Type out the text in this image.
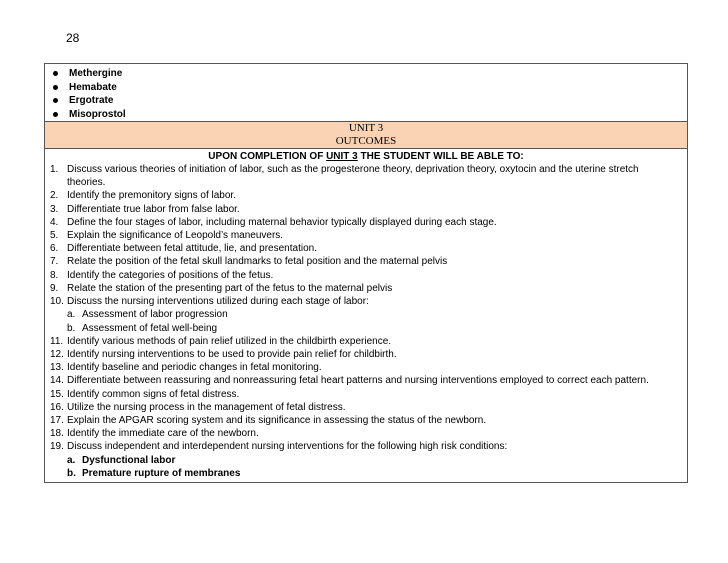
28
Methergine
Hemabate
Ergotrate
Misoprostol
UNIT 3
OUTCOMES
UPON COMPLETION OF UNIT 3 THE STUDENT WILL BE ABLE TO:
1. Discuss various theories of initiation of labor, such as the progesterone theory, deprivation theory, oxytocin and the uterine stretch theories.
2. Identify the premonitory signs of labor.
3. Differentiate true labor from false labor.
4. Define the four stages of labor, including maternal behavior typically displayed during each stage.
5. Explain the significance of Leopold’s maneuvers.
6. Differentiate between fetal attitude, lie, and presentation.
7. Relate the position of the fetal skull landmarks to fetal position and the maternal pelvis
8. Identify the categories of positions of the fetus.
9. Relate the station of the presenting part of the fetus to the maternal pelvis
10. Discuss the nursing interventions utilized during each stage of labor:
a. Assessment of labor progression
b. Assessment of fetal well-being
11. Identify various methods of pain relief utilized in the childbirth experience.
12. Identify nursing interventions to be used to provide pain relief for childbirth.
13. Identify baseline and periodic changes in fetal monitoring.
14. Differentiate between reassuring and nonreassuring fetal heart patterns and nursing interventions employed to correct each pattern.
15. Identify common signs of fetal distress.
16. Utilize the nursing process in the management of fetal distress.
17. Explain the APGAR scoring system and its significance in assessing the status of the newborn.
18. Identify the immediate care of the newborn.
19. Discuss independent and interdependent nursing interventions for the following high risk conditions:
a. Dysfunctional labor
b. Premature rupture of membranes
